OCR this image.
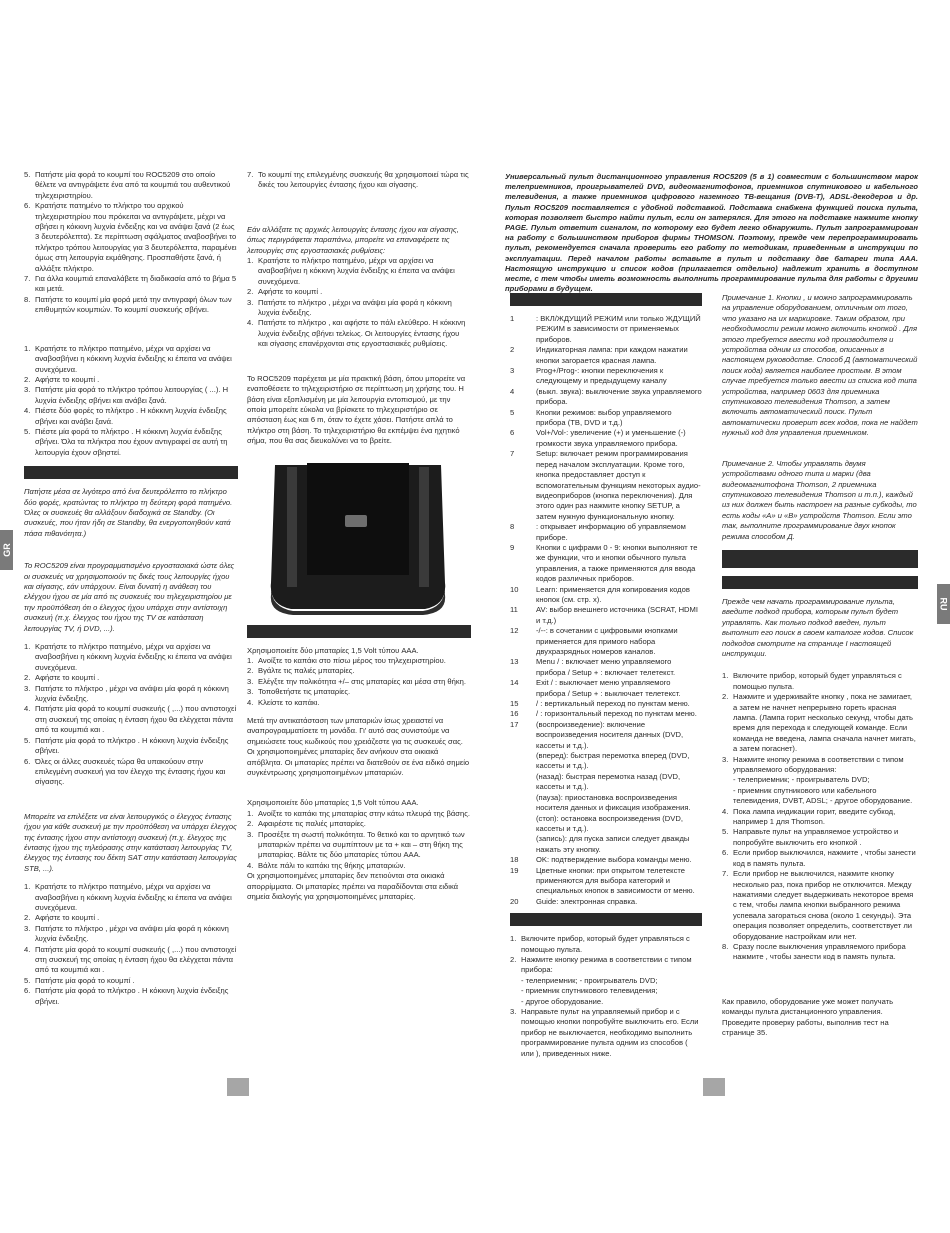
5. Πατήστε μία φορά το κουμπί του ROC5209 στο οποίο θέλετε να αντιγράψετε ένα από τα κουμπιά του αυθεντικού τηλεχειριστηρίου.
6. Κρατήστε πατημένο το πλήκτρο του αρχικού τηλεχειριστηρίου που πρόκειται να αντιγράψετε, μέχρι να σβήσει η κόκκινη λυχνία ένδειξης και να ανάψει ξανά (2 έως 3 δευτερόλεπτα). Σε περίπτωση σφάλματος αναβοσβήνει το πλήκτρο τρόπου λειτουργίας για 3 δευτερόλεπτα, παραμένει όμως στη λειτουργία εκμάθησης. Προσπαθήστε ξανά, ή αλλάξτε πλήκτρο.
7. Για άλλα κουμπιά επαναλάβετε τη διαδικασία από το βήμα 5 και μετά.
8. Πατήστε το κουμπί μία φορά μετά την αντιγραφή όλων των επιθυμητών κουμπιών. Το κουμπί συσκευής σβήνει.
1. Κρατήστε το πλήκτρο πατημένο, μέχρι να αρχίσει να αναβοσβήνει η κόκκινη λυχνία ένδειξης κι έπειτα να ανάψει συνεχόμενα.
2. Αφήστε το κουμπί .
3. Πατήστε μία φορά το πλήκτρο τρόπου λειτουργίας ( ...). Η λυχνία ένδειξης σβήνει και ανάβει ξανά.
4. Πιέστε δύο φορές το πλήκτρο . Η κόκκινη λυχνία ένδειξης σβήνει και ανάβει ξανά.
5. Πιέστε μία φορά το πλήκτρο . Η κόκκινη λυχνία ένδειξης σβήνει. Όλα τα πλήκτρα που έχουν αντιγραφεί σε αυτή τη λειτουργία έχουν σβηστεί.

Πατήστε μέσα σε λιγότερο από ένα δευτερόλεπτο το πλήκτρο δύο φορές, κρατώντας το πλήκτρο τη δεύτερη φορά πατημένο. Όλες οι συσκευές θα αλλάξουν διαδοχικά σε Standby. (Οι συσκευές, που ήταν ήδη σε Standby, θα ενεργοποιηθούν κατά πάσα πιθανότητα.)

Το ROC5209 είναι προγραμματισμένο εργοστασιακά ώστε όλες οι συσκευές να χρησιμοποιούν τις δικές τους λειτουργίες ήχου και σίγασης, εάν υπάρχουν. Είναι δυνατή η ανάθεση του ελέγχου ήχου σε μία από τις συσκευές του τηλεχειριστηρίου με την προϋπόθεση ότι ο έλεγχος ήχου υπάρχει στην αντίστοιχη συσκευή (π.χ. έλεγχος του ήχου της TV σε κατάσταση λειτουργίας TV, ή DVD, ...).

1. Κρατήστε το πλήκτρο πατημένο, μέχρι να αρχίσει να αναβοσβήνει η κόκκινη λυχνία ένδειξης κι έπειτα να ανάψει συνεχόμενα.
2. Αφήστε το κουμπί .
3. Πατήστε το πλήκτρο , μέχρι να ανάψει μία φορά η κόκκινη λυχνία ένδειξης.
4. Πατήστε μία φορά το κουμπί συσκευής ( ,...) που αντιστοιχεί στη συσκευή της οποίας η ένταση ήχου θα ελέγχεται πάντα από τα κουμπιά και .
5. Πατήστε μία φορά το πλήκτρο . Η κόκκινη λυχνία ένδειξης σβήνει.
6. Όλες οι άλλες συσκευές τώρα θα υπακούουν στην επιλεγμένη συσκευή για τον έλεγχο της έντασης ήχου και σίγασης.

Μπορείτε να επιλέξετε να είναι λειτουργικός ο έλεγχος έντασης ήχου για κάθε συσκευή με την προϋπόθεση να υπάρχει έλεγχος της έντασης ήχου στην αντίστοιχη συσκευή (π.χ. έλεγχος της έντασης ήχου της τηλεόρασης στην κατάσταση λειτουργίας TV, έλεγχος της έντασης του δέκτη SAT στην κατάσταση λειτουργίας STB, ...).

1. Κρατήστε το πλήκτρο πατημένο, μέχρι να αρχίσει να αναβοσβήνει η κόκκινη λυχνία ένδειξης κι έπειτα να ανάψει συνεχόμενα.
2. Αφήστε το κουμπί .
3. Πατήστε το πλήκτρο , μέχρι να ανάψει μία φορά η κόκκινη λυχνία ένδειξης.
4. Πατήστε μία φορά το κουμπί συσκευής ( ,...) που αντιστοιχεί στη συσκευή της οποίας η ένταση ήχου θα ελέγχεται πάντα από τα κουμπιά και .
5. Πατήστε μία φορά το κουμπί .
6. Πατήστε μία φορά το πλήκτρο . Η κόκκινη λυχνία ένδειξης σβήνει.
7. Το κουμπί της επιλεγμένης συσκευής θα χρησιμοποιεί τώρα τις δικές του λειτουργίες έντασης ήχου και σίγασης.

Εάν αλλάξατε τις αρχικές λειτουργίες έντασης ήχου και σίγασης, όπως περιγράφεται παραπάνω, μπορείτε να επαναφέρετε τις λειτουργίες στις εργοστασιακές ρυθμίσεις:

1. Κρατήστε το πλήκτρο πατημένο, μέχρι να αρχίσει να αναβοσβήνει η κόκκινη λυχνία ένδειξης κι έπειτα να ανάψει συνεχόμενα.
2. Αφήστε το κουμπί .
3. Πατήστε το πλήκτρο , μέχρι να ανάψει μία φορά η κόκκινη λυχνία ένδειξης.
4. Πατήστε το πλήκτρο , και αφήστε το πάλι ελεύθερο. Η κόκκινη λυχνία ένδειξης σβήνει τελείως. Οι λειτουργίες έντασης ήχου και σίγασης επανέρχονται στις εργοστασιακές ρυθμίσεις.

Το ROC5209 παρέχεται με μία πρακτική βάση, όπου μπορείτε να εναποθέσετε το τηλεχειριστήριο σε περίπτωση μη χρήσης του. Η βάση είναι εξοπλισμένη με μία λειτουργία εντοπισμού, με την οποία μπορείτε εύκολα να βρίσκετε το τηλεχειριστήριο σε απόσταση έως και 6 m, όταν το έχετε χάσει. Πατήστε απλά το πλήκτρο στη βάση. Το τηλεχειριστήριο θα εκπέμψει ένα ηχητικό σήμα, που θα σας διευκολύνει να το βρείτε.

Χρησιμοποιείτε δύο μπαταρίες 1,5 Volt τύπου AAA.

1. Ανοίξτε το καπάκι στο πίσω μέρος του τηλεχειριστηρίου.
2. Βγάλτε τις παλιές μπαταρίες.
3. Ελέγξτε την πολικότητα +/– στις μπαταρίες και μέσα στη θήκη.
3. Τοποθετήστε τις μπαταρίες.
4. Κλείστε το καπάκι.

Μετά την αντικατάσταση των μπαταριών ίσως χρειαστεί να αναπρογραμματίσετε τη μονάδα. Γι' αυτό σας συνιστούμε να σημειώσετε τους κωδικούς που χρειάζεστε για τις συσκευές σας.

Οι χρησιμοποιημένες μπαταρίες δεν ανήκουν στα οικιακά απόβλητα. Οι μπαταρίες πρέπει να διατεθούν σε ένα ειδικό σημείο συγκέντρωσης χρησιμοποιημένων μπαταριών.

Χρησιμοποιείτε δύο μπαταρίες 1,5 Volt τύπου AAA.

1. Ανοίξτε το καπάκι της μπαταρίας στην κάτω πλευρά της βάσης.
2. Αφαιρέστε τις παλιές μπαταρίες.
3. Προσέξτε τη σωστή πολικότητα. Το θετικό και το αρνητικό των μπαταριών πρέπει να συμπίπτουν με τα + και – στη θήκη της μπαταρίας. Βάλτε τις δύο μπαταρίες τύπου AAA.
4. Βάλτε πάλι το καπάκι της θήκης μπαταριών.

Οι χρησιμοποιημένες μπαταρίες δεν πετιούνται στα οικιακά απορρίμματα. Οι μπαταρίες πρέπει να παραδίδονται στα ειδικά σημεία διαλογής για χρησιμοποιημένες μπαταρίες.

GR
Универсальный пульт дистанционного управления ROC5209 (5 в 1) совместим с большинством марок телеприемников, проигрывателей DVD, видеомагнитофонов, приемников спутникового и кабельного телевидения, а также приемников цифрового наземного ТВ-вещания (DVB-T), ADSL-декодеров и др. Пульт ROC5209 поставляется с удобной подставкой. Подставка снабжена функцией поиска пульта, которая позволяет быстро найти пульт, если он затерялся. Для этого на подставке нажмите кнопку PAGE. Пульт ответит сигналом, по которому его будет легко обнаружить. Пульт запрограммирован на работу с большинством приборов фирмы THOMSON. Поэтому, прежде чем перепрограммировать пульт, рекомендуется сначала проверить его работу по методикам, приведенным в инструкции по эксплуатации. Перед началом работы вставьте в пульт и подставку две батареи типа AAA. Настоящую инструкцию и список кодов (прилагается отдельно) надлежит хранить в доступном месте, с тем чтобы иметь возможность выполнить программирование пульта для работы с другими приборами в будущем.
1	: ВКЛ/ЖДУЩИЙ РЕЖИМ или только ЖДУЩИЙ РЕЖИМ в зависимости от применяемых приборов.
2	Индикаторная лампа: при каждом нажатии кнопки загорается красная лампа.
3	Prog+/Prog-: кнопки переключения к следующему и предыдущему каналу
4	(выкл. звука): выключение звука управляемого прибора.
5	Кнопки режимов: выбор управляемого прибора (TB, DVD и т.д.)
6	Vol+/Vol-: увеличение (+) и уменьшение (-) громкости звука управляемого прибора.
7	Setup: включает режим программирования перед началом эксплуатации. Кроме того, кнопка предоставляет доступ к вспомогательным функциям некоторых аудио-видеоприборов (кнопка переключения). Для этого один раз нажмите кнопку SETUP, а затем нужную функциональную кнопку.
8	: открывает информацию об управляемом приборе.
9	Кнопки с цифрами 0 - 9: кнопки выполняют те же функции, что и кнопки обычного пульта управления, а также применяются для ввода кодов различных приборов.
10 Learn: применяется для копирования кодов кнопок (см. стр. x).
11 AV: выбор внешнего источника (SCRAT, HDMI и т.д.)
12 -/--: в сочетании с цифровыми кнопками применяется для примого набора двухразрядных номеров каналов.
13 Menu / : включает меню управляемого прибора / Setup + : включает телетекст.
14 Exit / : выключает меню управляемого прибора / Setup + : выключает телетекст.
15 / : вертикальный переход по пунктам меню.
16 / : горизонтальный переход по пунктам меню.
17 (воспроизведение): включение воспроизведения носителя данных (DVD, кассеты и т.д.).
(вперед): быстрая перемотка вперед (DVD, кассеты и т.д.).
(назад): быстрая перемотка назад (DVD, кассеты и т.д.).
(пауза): приостановка воспроизведения носителя данных и фиксация изображения.
(стоп): остановка воспроизведения (DVD, кассеты и т.д.).
(запись): для пуска записи следует дважды нажать эту кнопку.
18 OK: подтверждение выбора команды меню.
19 Цветные кнопки: при открытом телетексте применяются для выбора категорий и специальных кнопок в зависимости от меню.
20 Guide: электронная справка.
1. Включите прибор, который будет управляться с помощью пульта.
2. Нажмите кнопку режима в соответствии с типом прибора:
- телеприемник; - проигрыватель DVD;
- приемник спутникового телевидения;
- другое оборудование.
3. Направьте пульт на управляемый прибор и с помощью кнопки попробуйте выключить его. Если прибор не выключается, необходимо выполнить программирование пульта одним из способов ( или ), приведенных ниже.

Примечание 1. Кнопки , и можно запрограммировать на управление оборудованием, отличным от того, что указано на их маркировке. Таким образом, при необходимости режим можно включить кнопкой . Для этого требуется ввести код производителя и устройства одним из способов, описанных в настоящем руководстве. Способ Д (автоматический поиск кода) является наиболее простым. В этом случае требуется только ввести из списка код типа устройства, например 0603 для приемника спутникового телевидения Thomson, а затем включить автоматический поиск. Пульт автоматически проверит всех кодов, пока не найдет нужный код для управления приемником.

Примечание 2. Чтобы управлять двумя устройствами одного типа и марки (два видеомагнитофона Thomson, 2 приемника спутникового телевидения Thomson и т.п.), каждый из них должен быть настроен на разные субкоды, то есть коды «A» и «B» устройств Thomson. Если это так, выполните программирование двух кнопок режима способом Д.

Прежде чем начать программирование пульта, введите подкод прибора, которым пульт будет управлять. Как только подкод введен, пульт выполнит его поиск в своем каталоге кодов. Список подкодов смотрите на странице I настоящей инструкции.

1. Включите прибор, который будет управляться с помощью пульта.
2. Нажмите и удерживайте кнопку , пока не замигает, а затем не начнет непрерывно гореть красная лампа. (Лампа горит несколько секунд, чтобы дать время для перехода к следующей команде. Если команда не введена, лампа сначала начнет мигать, а затем погаснет).
3. Нажмите кнопку режима в соответствии с типом управляемого оборудования:
- телеприемник; - проигрыватель DVD;
- приемник спутникового или кабельного телевидения, DVBT, ADSL; - другое оборудование.
4. Пока лампа индикации горит, введите субкод, например 1 для Thomson.
5. Направьте пульт на управляемое устройство и попробуйте выключить его кнопкой .
6. Если прибор выключился, нажмите , чтобы занести код в память пульта.
7. Если прибор не выключился, нажмите кнопку несколько раз, пока прибор не отключится. Между нажатиями следует выдерживать некоторое время с тем, чтобы лампа кнопки выбранного режима успевала загораться снова (около 1 секунды). Эта операция позволяет определить, соответствует ли оборудование настройкам или нет.
8. Сразу после выключения управляемого прибора нажмите , чтобы занести код в память пульта.

Как правило, оборудование уже может получать команды пульта дистанционного управления. Проведите проверку работы, выполнив тест на странице 35.

RU
